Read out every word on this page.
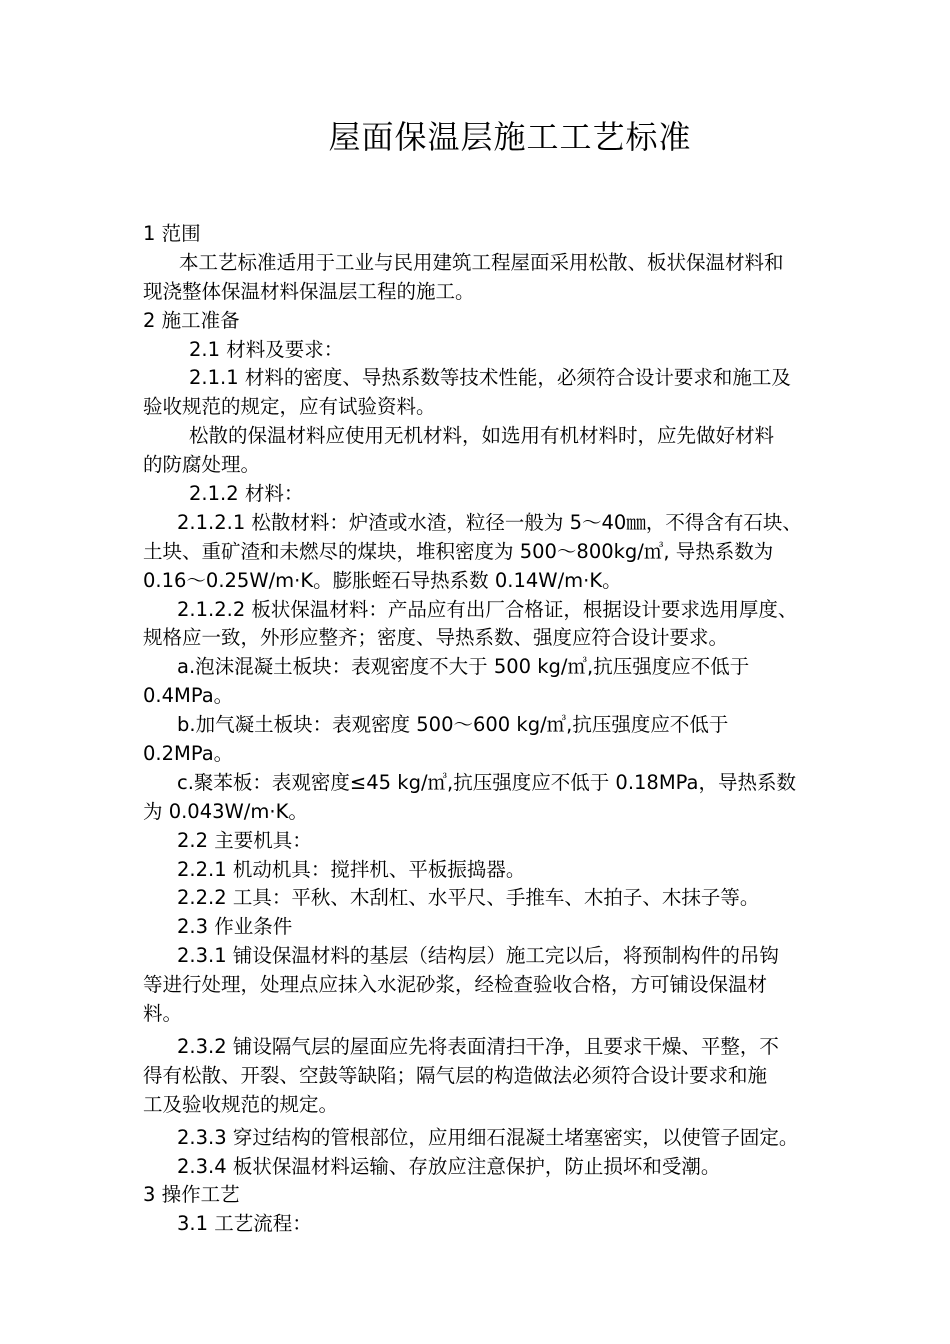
屋面保温层施工工艺标准
1 范围
本工艺标准适用于工业与民用建筑工程屋面采用松散、板状保温材料和
现浇整体保温材料保温层工程的施工。
2 施工准备
2.1 材料及要求：
2.1.1 材料的密度、导热系数等技术性能，必须符合设计要求和施工及
验收规范的规定，应有试验资料。
松散的保温材料应使用无机材料，如选用有机材料时，应先做好材料
的防腐处理。
2.1.2 材料：
2.1.2.1 松散材料：炉渣或水渣，粒径一般为 5～40㎜，不得含有石块、
土块、重矿渣和未燃尽的煤块，堆积密度为 500～800kg/㎥, 导热系数为
0.16～0.25W/m·K。膨胀蛭石导热系数 0.14W/m·K。
2.1.2.2 板状保温材料：产品应有出厂合格证，根据设计要求选用厚度、
规格应一致，外形应整齐；密度、导热系数、强度应符合设计要求。
a.泡沫混凝土板块：表观密度不大于 500 kg/㎥,抗压强度应不低于
0.4MPa。
b.加气凝土板块：表观密度 500～600 kg/㎥,抗压强度应不低于
0.2MPa。
c.聚苯板：表观密度≤45 kg/㎥,抗压强度应不低于 0.18MPa，导热系数
为 0.043W/m·K。
2.2 主要机具：
2.2.1 机动机具：搅拌机、平板振捣器。
2.2.2 工具：平秋、木刮杠、水平尺、手推车、木拍子、木抹子等。
2.3 作业条件
2.3.1 铺设保温材料的基层（结构层）施工完以后，将预制构件的吊钩
等进行处理，处理点应抹入水泥砂浆，经检查验收合格，方可铺设保温材
料。
2.3.2 铺设隔气层的屋面应先将表面清扫干净，且要求干燥、平整，不
得有松散、开裂、空鼓等缺陷；隔气层的构造做法必须符合设计要求和施
工及验收规范的规定。
2.3.3 穿过结构的管根部位，应用细石混凝土堵塞密实，以使管子固定。
2.3.4 板状保温材料运输、存放应注意保护，防止损坏和受潮。
3 操作工艺
3.1 工艺流程：
